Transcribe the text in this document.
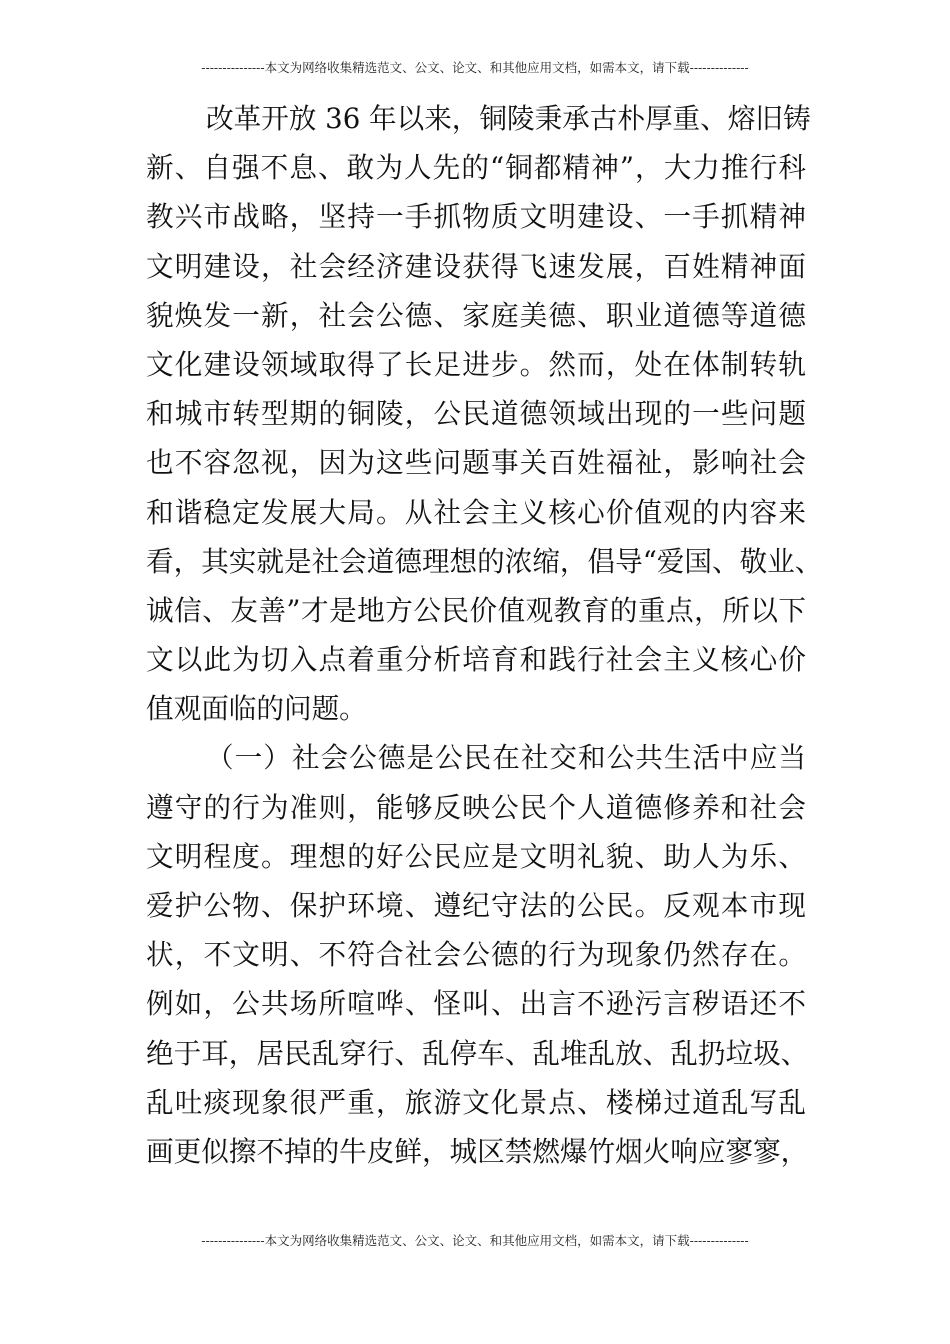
---------------本文为网络收集精选范文、公文、论文、和其他应用文档，如需本文，请下载--------------
改革开放 36 年以来，铜陵秉承古朴厚重、熔旧铸
新、自强不息、敢为人先的“铜都精神”，大力推行科
教兴市战略，坚持一手抓物质文明建设、一手抓精神
文明建设，社会经济建设获得飞速发展，百姓精神面
貌焕发一新，社会公德、家庭美德、职业道德等道德
文化建设领域取得了长足进步。然而，处在体制转轨
和城市转型期的铜陵，公民道德领域出现的一些问题
也不容忽视，因为这些问题事关百姓福祉，影响社会
和谐稳定发展大局。从社会主义核心价值观的内容来
看，其实就是社会道德理想的浓缩，倡导“爱国、敬业、
诚信、友善”才是地方公民价值观教育的重点，所以下
文以此为切入点着重分析培育和践行社会主义核心价
值观面临的问题。
（一）社会公德是公民在社交和公共生活中应当
遵守的行为准则，能够反映公民个人道德修养和社会
文明程度。理想的好公民应是文明礼貌、助人为乐、
爱护公物、保护环境、遵纪守法的公民。反观本市现
状，不文明、不符合社会公德的行为现象仍然存在。
例如，公共场所喧哗、怪叫、出言不逊污言秽语还不
绝于耳，居民乱穿行、乱停车、乱堆乱放、乱扔垃圾、
乱吐痰现象很严重，旅游文化景点、楼梯过道乱写乱
画更似擦不掉的牛皮鲜，城区禁燃爆竹烟火响应寥寥，
---------------本文为网络收集精选范文、公文、论文、和其他应用文档，如需本文，请下载--------------
